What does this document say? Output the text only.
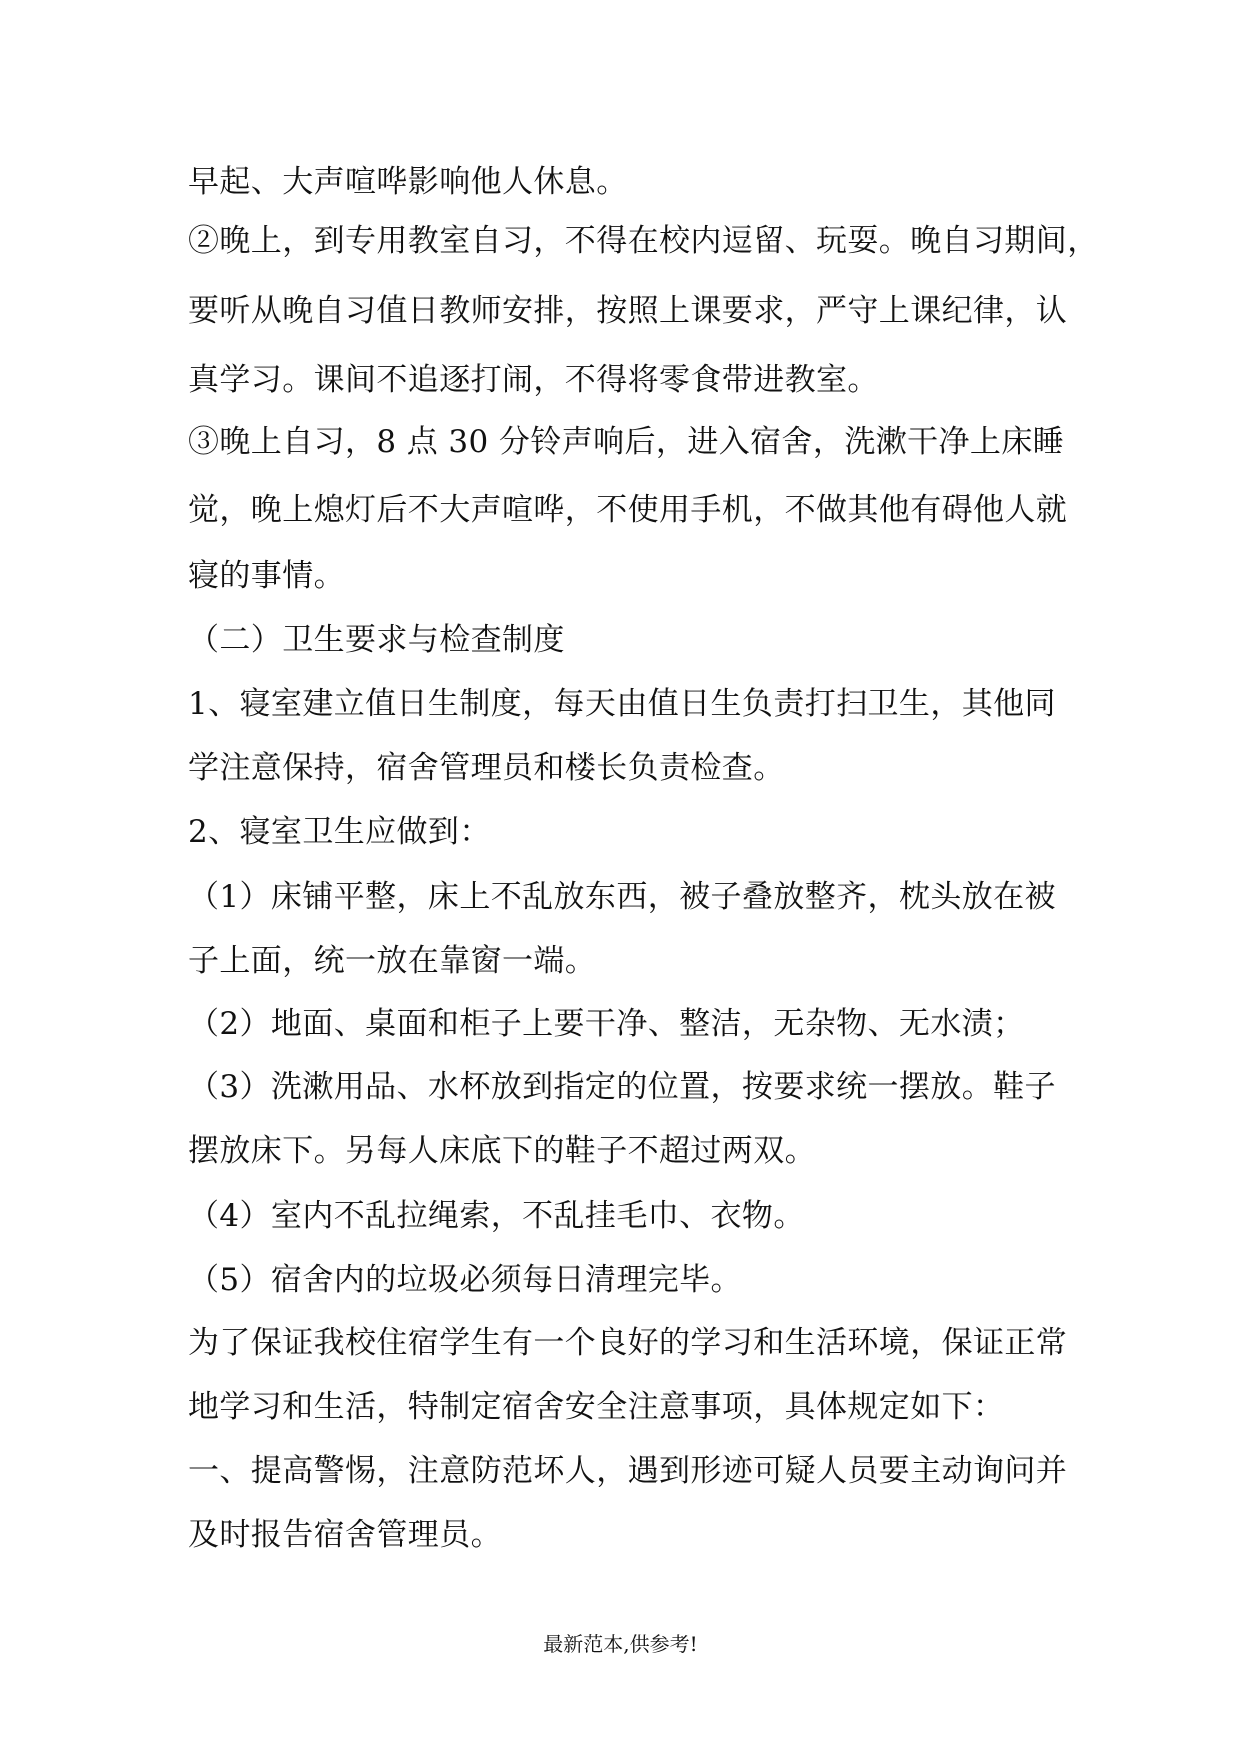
早起、大声喧哗影响他人休息。
②晚上，到专用教室自习，不得在校内逗留、玩耍。晚自习期间，
要听从晚自习值日教师安排，按照上课要求，严守上课纪律，认
真学习。课间不追逐打闹，不得将零食带进教室。
③晚上自习，8 点 30 分铃声响后，进入宿舍，洗漱干净上床睡
觉，晚上熄灯后不大声喧哗，不使用手机，不做其他有碍他人就
寝的事情。
（二）卫生要求与检查制度
1、寝室建立值日生制度，每天由值日生负责打扫卫生，其他同
学注意保持，宿舍管理员和楼长负责检查。
2、寝室卫生应做到：
（1）床铺平整，床上不乱放东西，被子叠放整齐，枕头放在被
子上面，统一放在靠窗一端。
（2）地面、桌面和柜子上要干净、整洁，无杂物、无水渍；
（3）洗漱用品、水杯放到指定的位置，按要求统一摆放。鞋子
摆放床下。另每人床底下的鞋子不超过两双。
（4）室内不乱拉绳索，不乱挂毛巾、衣物。
（5）宿舍内的垃圾必须每日清理完毕。
为了保证我校住宿学生有一个良好的学习和生活环境，保证正常
地学习和生活，特制定宿舍安全注意事项，具体规定如下：
一、提高警惕，注意防范坏人，遇到形迹可疑人员要主动询问并
及时报告宿舍管理员。
最新范本,供参考!
